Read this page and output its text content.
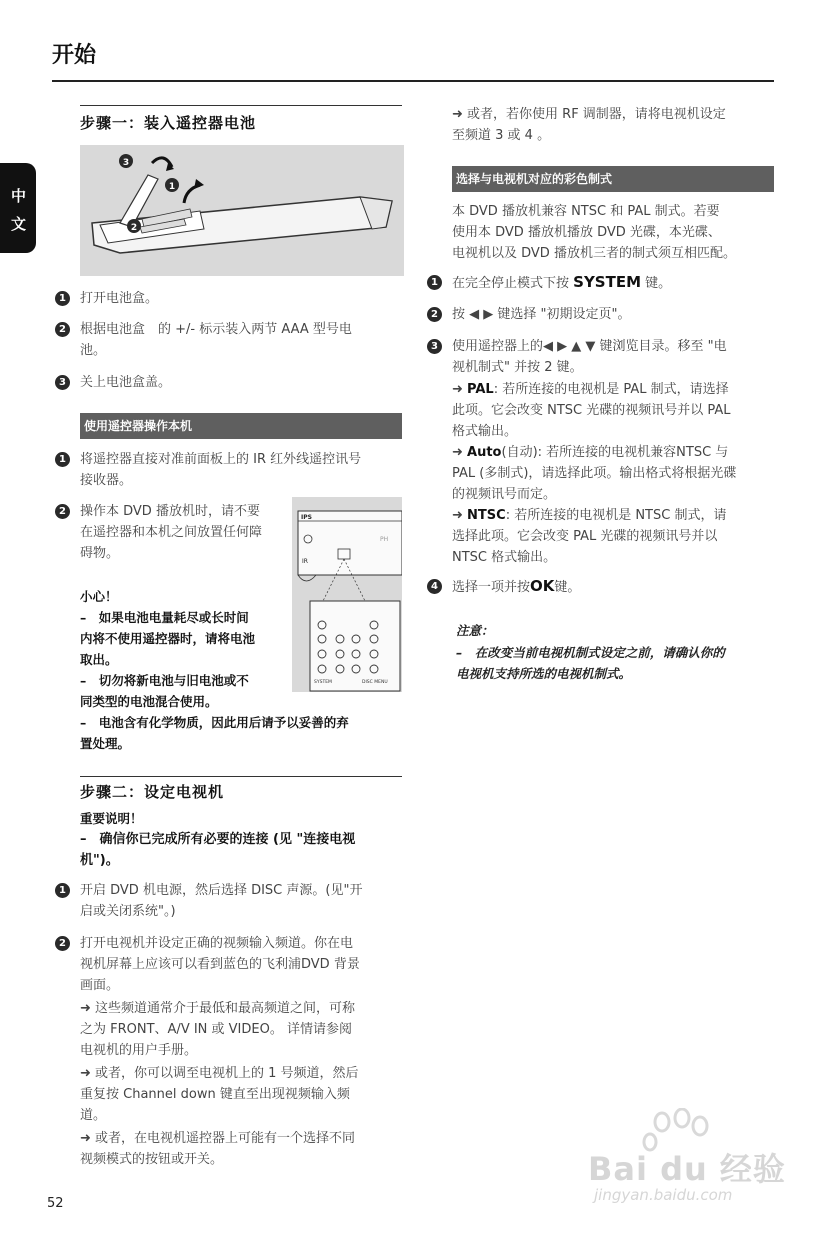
开始
中
文
步骤一：装入遥控器电池
3
1
2
1	打开电池盒。
2	根据电池盒　的 +/- 标示装入两节 AAA 型号电
池。
3	关上电池盒盖。
使用遥控器操作本机
1	将遥控器直接对准前面板上的 IR 红外线遥控讯号
接收器。
2	操作本 DVD 播放机时，请不要
在遥控器和本机之间放置任何障
碍物。
IPS
PH
IR
SYSTEM	DISC MENU
小心！
–　如果电池电量耗尽或长时间
内将不使用遥控器时，请将电池
取出。
–　切勿将新电池与旧电池或不
同类型的电池混合使用。
–　电池含有化学物质，因此用后请予以妥善的弃
置处理。
步骤二：设定电视机
重要说明！
–　确信你已完成所有必要的连接 (见 "连接电视
机")。
1	开启 DVD 机电源，然后选择 DISC 声源。(见"开
启或关闭系统"。)
2	打开电视机并设定正确的视频输入频道。你在电
视机屏幕上应该可以看到蓝色的飞利浦DVD 背景
画面。
➜ 这些频道通常介于最低和最高频道之间，可称
之为 FRONT、A/V IN 或 VIDEO。 详情请参阅
电视机的用户手册。
➜ 或者，你可以调至电视机上的 1 号频道，然后
重复按 Channel down 键直至出现视频输入频
道。
➜ 或者，在电视机遥控器上可能有一个选择不同
视频模式的按钮或开关。
➜ 或者，若你使用 RF 调制器，请将电视机设定
至频道 3 或 4 。
选择与电视机对应的彩色制式
本 DVD 播放机兼容 NTSC 和 PAL 制式。若要
使用本 DVD 播放机播放 DVD 光碟，本光碟、
电视机以及 DVD 播放机三者的制式须互相匹配。
1	在完全停止模式下按 SYSTEM 键。
2	按 ◀ ▶ 键选择 "初期设定页"。
3	使用遥控器上的◀ ▶ ▲ ▼ 键浏览目录。移至 "电
视机制式" 并按 2 键。
➜ PAL: 若所连接的电视机是 PAL 制式，请选择
此项。它会改变 NTSC 光碟的视频讯号并以 PAL
格式输出。
➜ Auto(自动): 若所连接的电视机兼容NTSC 与
PAL (多制式)，请选择此项。输出格式将根据光碟
的视频讯号而定。
➜ NTSC: 若所连接的电视机是 NTSC 制式，请
选择此项。它会改变 PAL 光碟的视频讯号并以
NTSC 格式输出。
4	选择一项并按OK键。
注意：
–　在改变当前电视机制式设定之前，请确认你的
电视机支持所选的电视机制式。
52
Bai du 经验
jingyan.baidu.com
